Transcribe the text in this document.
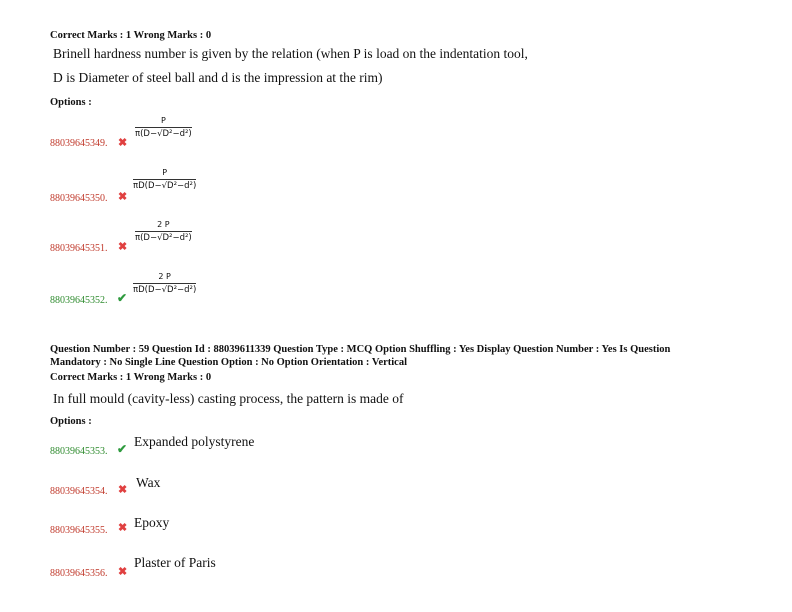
Correct Marks : 1 Wrong Marks : 0
Brinell hardness number is given by the relation (when P is load on the indentation tool,
D is Diameter of steel ball and d is the impression at the rim)
Options :
88039645349. ✖
P
π(D−√D²−d²)
88039645350. ✖
P
πD(D−√D²−d²)
88039645351. ✖
2 P
π(D−√D²−d²)
88039645352. ✔
2 P
πD(D−√D²−d²)
Question Number : 59 Question Id : 88039611339 Question Type : MCQ Option Shuffling : Yes Display Question Number : Yes Is Question
Mandatory : No Single Line Question Option : No Option Orientation : Vertical
Correct Marks : 1 Wrong Marks : 0
In full mould (cavity-less) casting process, the pattern is made of
Options :
88039645353. ✔ Expanded polystyrene
88039645354. ✖ Wax
88039645355. ✖ Epoxy
88039645356. ✖
Plaster of Paris
